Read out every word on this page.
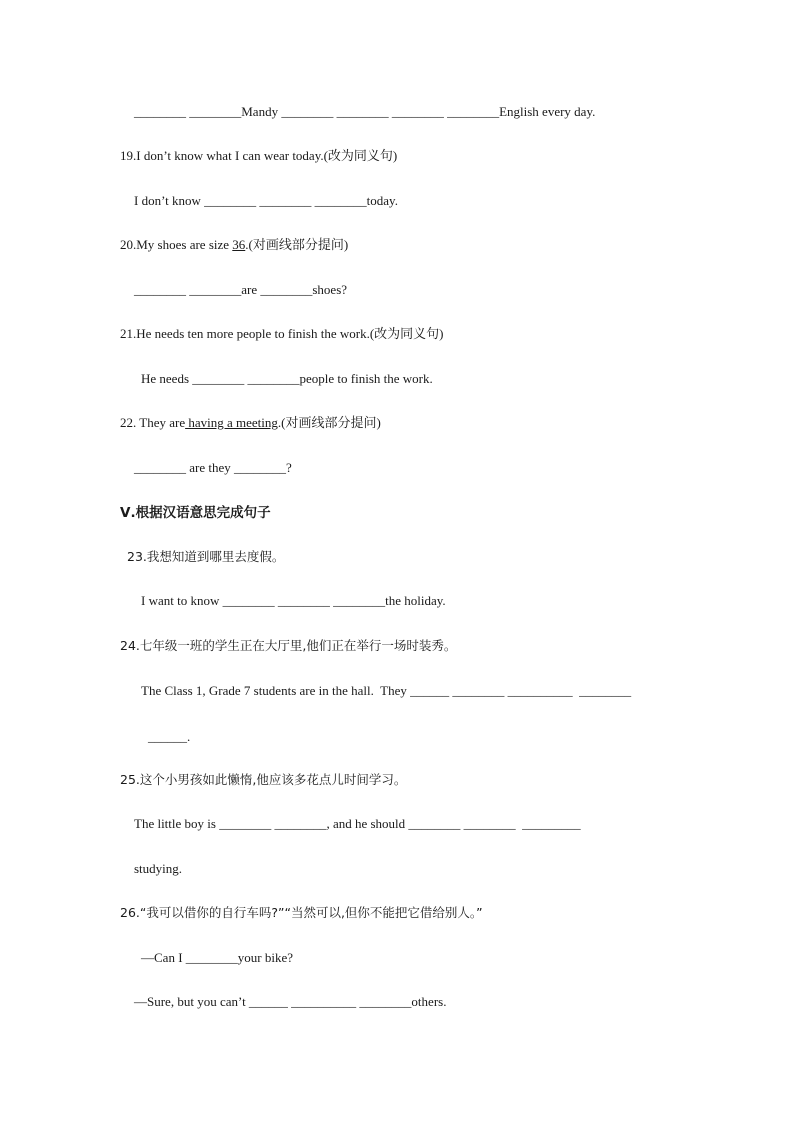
________ ________Mandy ________ ________ ________ ________English every day.
19.I don’t know what I can wear today.(改为同义句)
I don’t know ________ ________ ________today.
20.My shoes are size 36.(对画线部分提问)
________ ________are ________shoes?
21.He needs ten more people to finish the work.(改为同义句)
He needs ________ ________people to finish the work.
22. They are having a meeting.(对画线部分提问)
________ are they ________?
Ⅴ.根据汉语意思完成句子
23.我想知道到哪里去度假。
I want to know ________ ________ ________the holiday.
24.七年级一班的学生正在大厅里,他们正在举行一场时装秀。
The Class 1, Grade 7 students are in the hall.  They ______ ________ __________  ________
______.
25.这个小男孩如此懒惰,他应该多花点儿时间学习。
The little boy is ________ ________, and he should ________ ________  _________
studying.
26.“我可以借你的自行车吗?”“当然可以,但你不能把它借给别人。”
—Can I ________your bike?
—Sure, but you can’t ______ __________ ________others.
